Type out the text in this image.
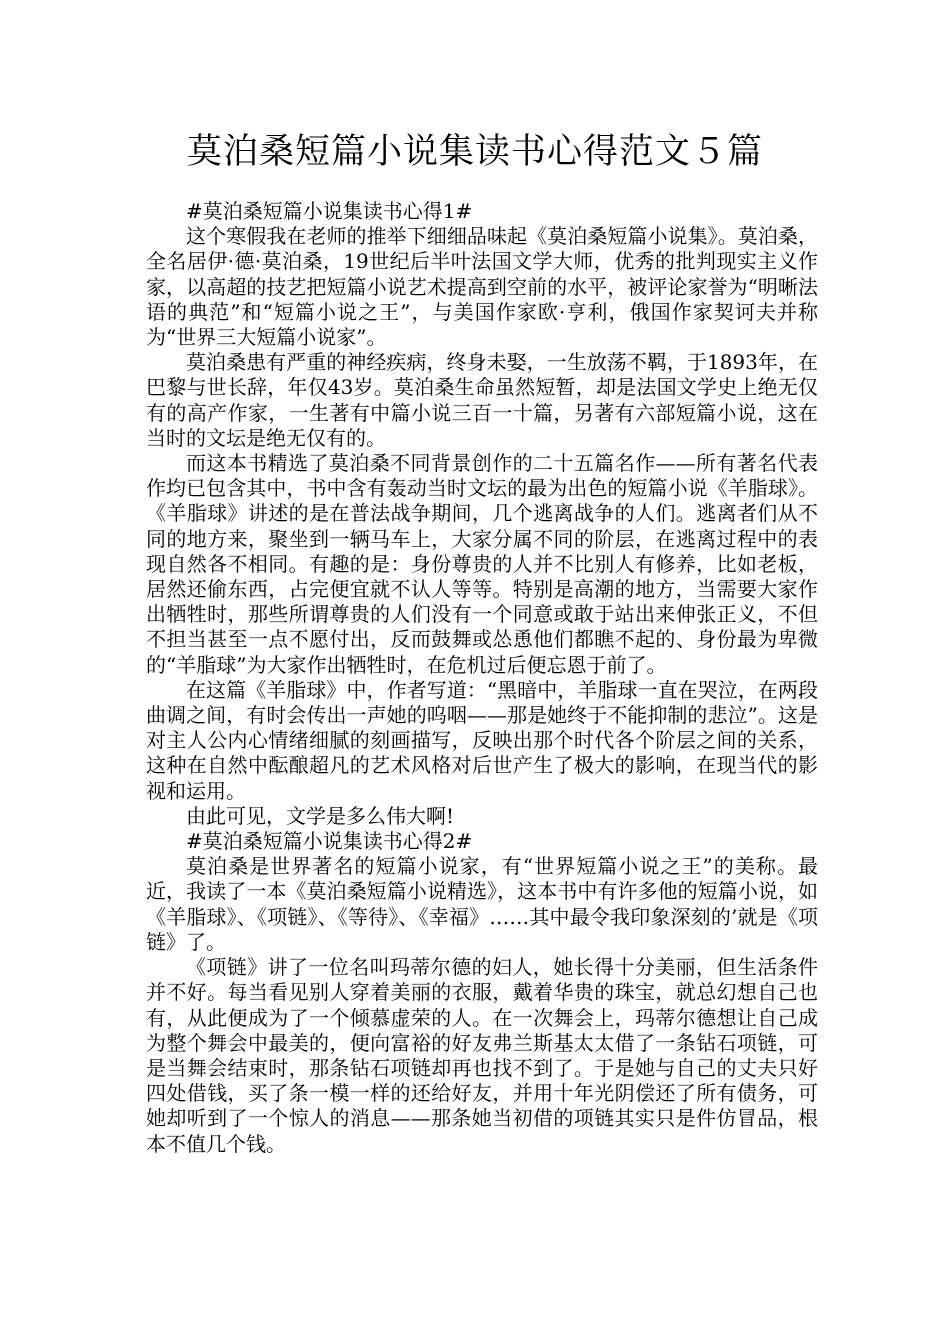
莫泊桑短篇小说集读书心得范文５篇

#莫泊桑短篇小说集读书心得1#

这个寒假我在老师的推举下细细品味起《莫泊桑短篇小说集》。莫泊桑，全名居伊·德·莫泊桑，19世纪后半叶法国文学大师，优秀的批判现实主义作家，以高超的技艺把短篇小说艺术提高到空前的水平，被评论家誉为“明晰法语的典范”和“短篇小说之王”，与美国作家欧·亨利，俄国作家契诃夫并称为“世界三大短篇小说家”。

莫泊桑患有严重的神经疾病，终身未娶，一生放荡不羁，于1893年，在巴黎与世长辞，年仅43岁。莫泊桑生命虽然短暂，却是法国文学史上绝无仅有的高产作家，一生著有中篇小说三百一十篇，另著有六部短篇小说，这在当时的文坛是绝无仅有的。

而这本书精选了莫泊桑不同背景创作的二十五篇名作——所有著名代表作均已包含其中，书中含有轰动当时文坛的最为出色的短篇小说《羊脂球》。《羊脂球》讲述的是在普法战争期间，几个逃离战争的人们。逃离者们从不同的地方来，聚坐到一辆马车上，大家分属不同的阶层，在逃离过程中的表现自然各不相同。有趣的是：身份尊贵的人并不比别人有修养，比如老板，居然还偷东西，占完便宜就不认人等等。特别是高潮的地方，当需要大家作出牺牲时，那些所谓尊贵的人们没有一个同意或敢于站出来伸张正义，不但不担当甚至一点不愿付出，反而鼓舞或怂恿他们都瞧不起的、身份最为卑微的“羊脂球”为大家作出牺牲时，在危机过后便忘恩于前了。

在这篇《羊脂球》中，作者写道：“黑暗中，羊脂球一直在哭泣，在两段曲调之间，有时会传出一声她的呜咽——那是她终于不能抑制的悲泣”。这是对主人公内心情绪细腻的刻画描写，反映出那个时代各个阶层之间的关系，这种在自然中酝酿超凡的艺术风格对后世产生了极大的影响，在现当代的影视和运用。

由此可见，文学是多么伟大啊!

#莫泊桑短篇小说集读书心得2#

莫泊桑是世界著名的短篇小说家，有“世界短篇小说之王”的美称。最近，我读了一本《莫泊桑短篇小说精选》，这本书中有许多他的短篇小说，如《羊脂球》、《项链》、《等待》、《幸福》……其中最令我印象深刻的’就是《项链》了。

《项链》讲了一位名叫玛蒂尔德的妇人，她长得十分美丽，但生活条件并不好。每当看见别人穿着美丽的衣服，戴着华贵的珠宝，就总幻想自己也有，从此便成为了一个倾慕虚荣的人。在一次舞会上，玛蒂尔德想让自己成为整个舞会中最美的，便向富裕的好友弗兰斯基太太借了一条钻石项链，可是当舞会结束时，那条钻石项链却再也找不到了。于是她与自己的丈夫只好四处借钱，买了条一模一样的还给好友，并用十年光阴偿还了所有债务，可她却听到了一个惊人的消息——那条她当初借的项链其实只是件仿冒品，根本不值几个钱。
